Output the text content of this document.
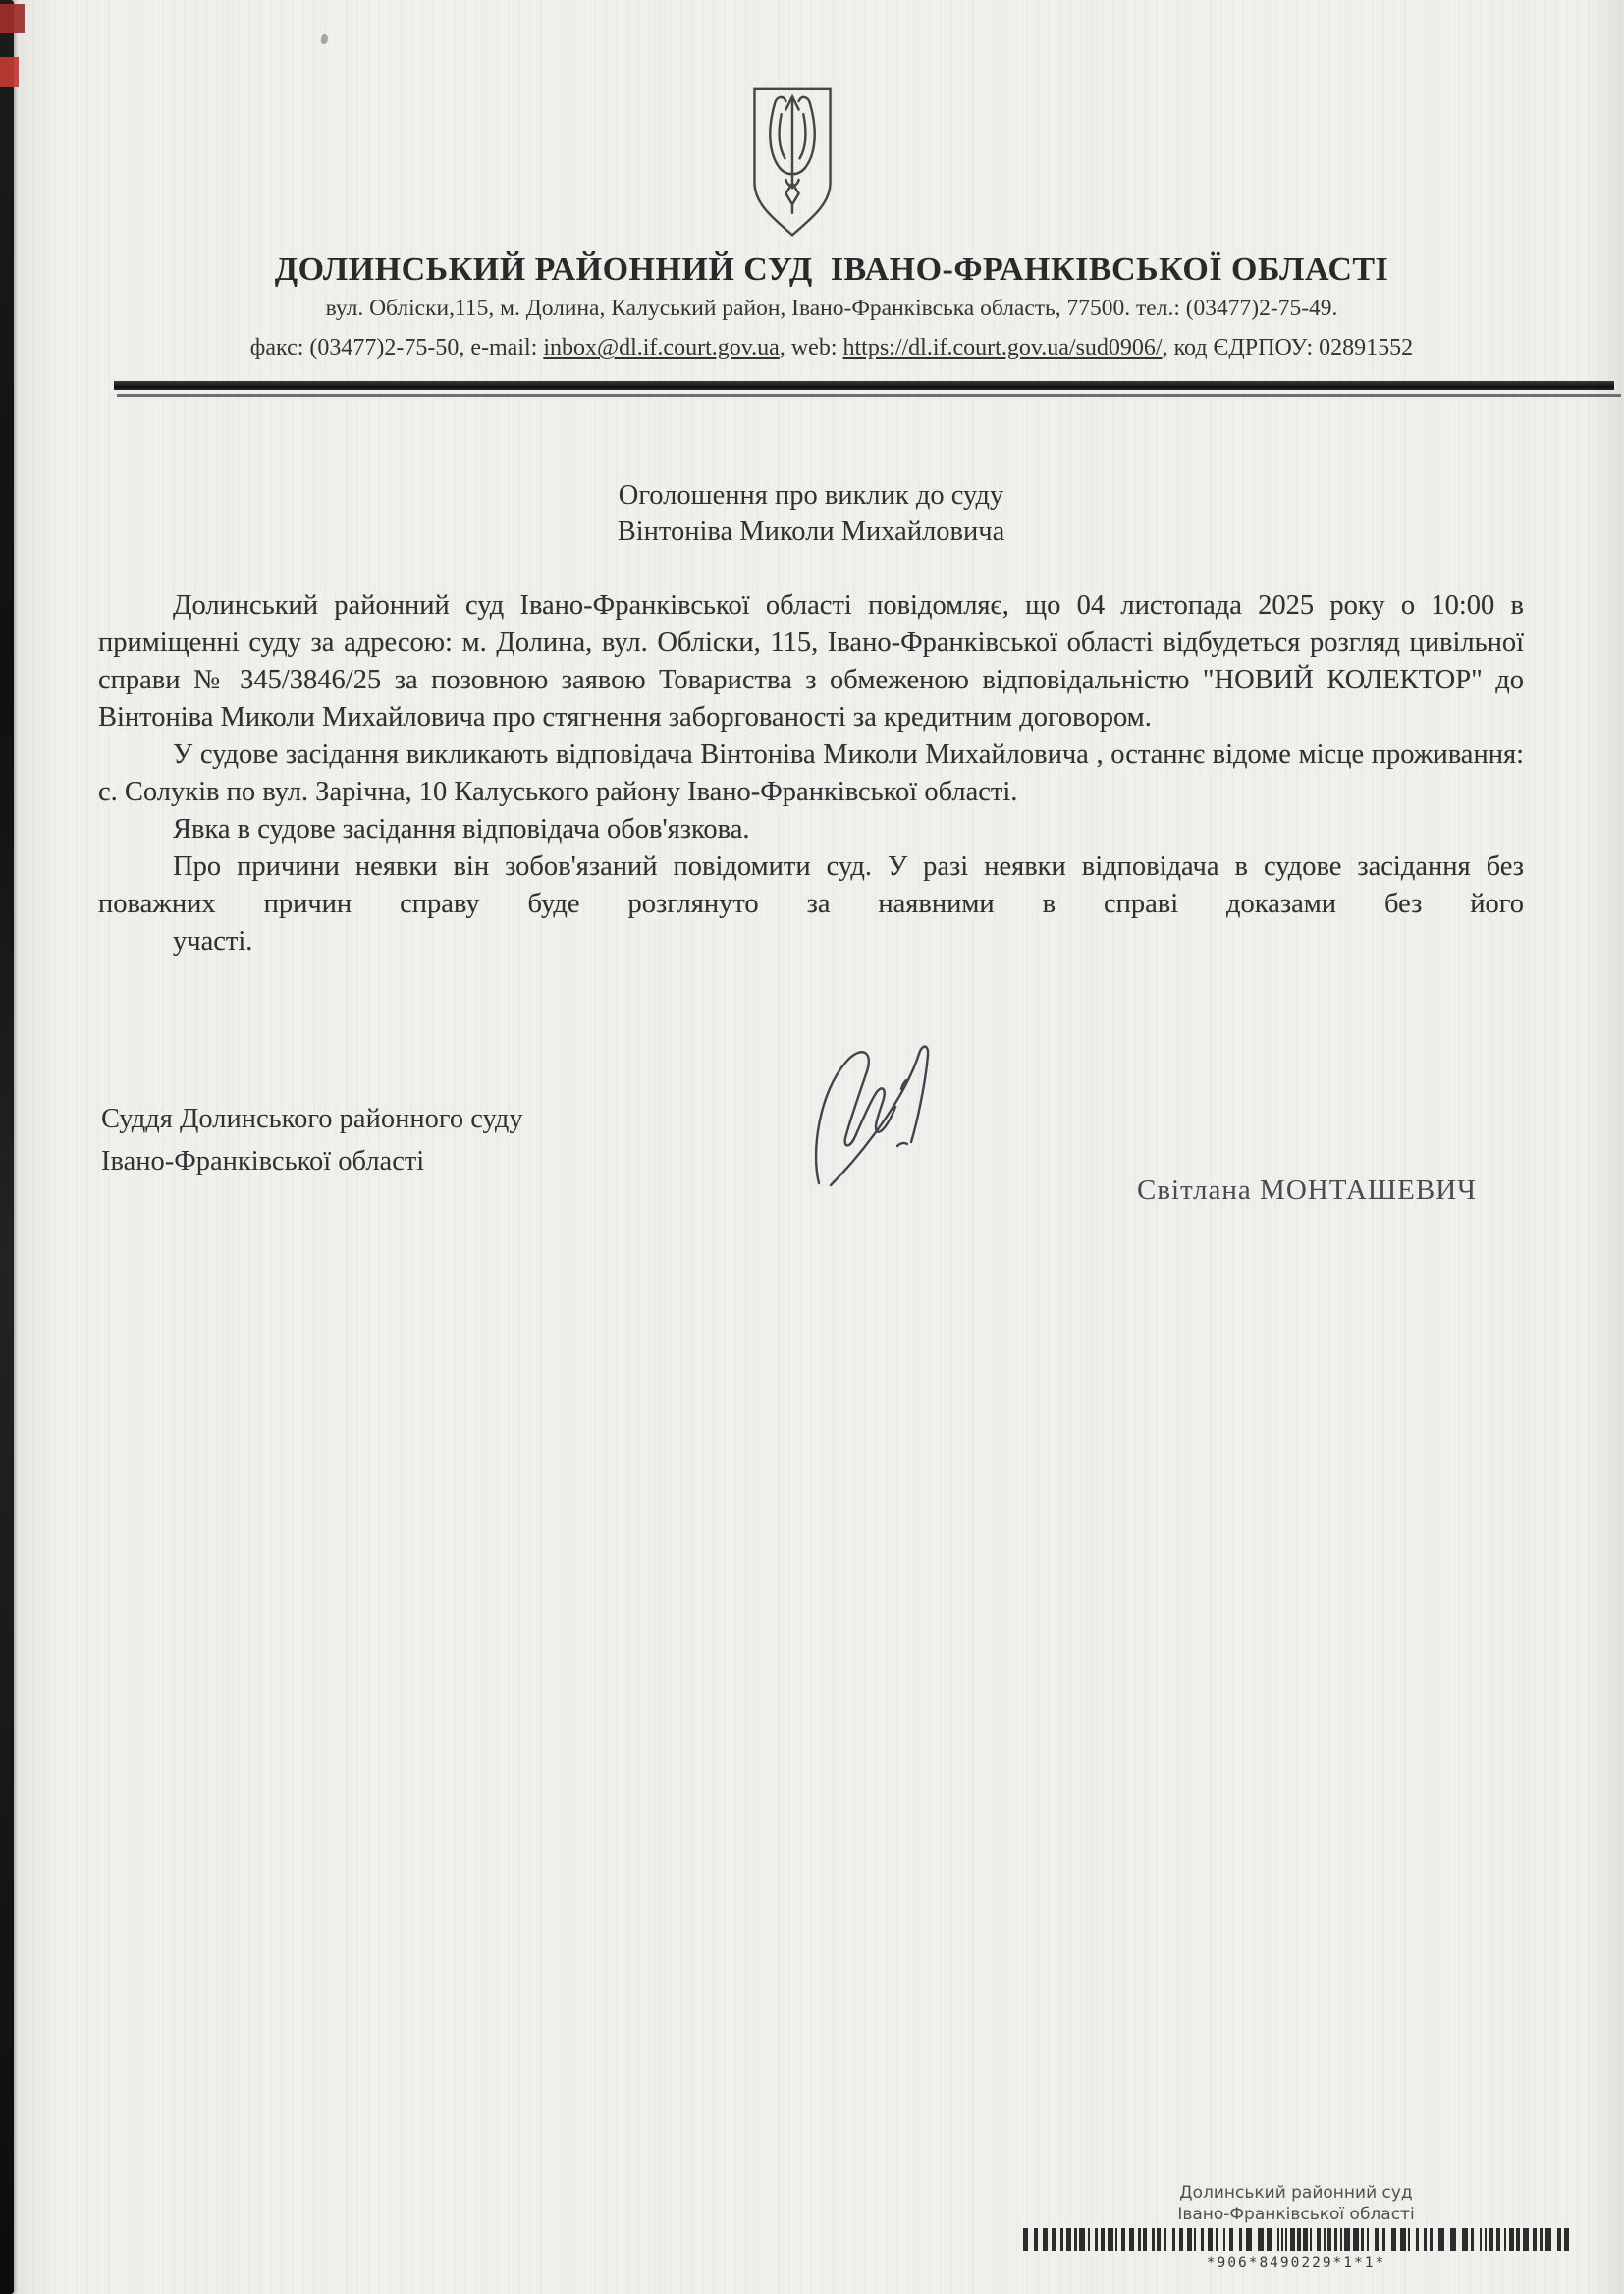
ДОЛИНСЬКИЙ РАЙОННИЙ СУД  ІВАНО-ФРАНКІВСЬКОЇ ОБЛАСТІ
вул. Обліски,115, м. Долина, Калуський район, Івано-Франківська область, 77500. тел.: (03477)2-75-49.
факс: (03477)2-75-50, e-mail: inbox@dl.if.court.gov.ua, web: https://dl.if.court.gov.ua/sud0906/, код ЄДРПОУ: 02891552
Оголошення про виклик до суду
Вінтоніва Миколи Михайловича
Долинський районний суд Івано-Франківської області повідомляє, що 04 листопада 2025 року о 10:00 в приміщенні суду за адресою: м. Долина, вул. Обліски, 115, Івано-Франківської області відбудеться розгляд цивільної справи № 345/3846/25 за позовною заявою Товариства з обмеженою відповідальністю "НОВИЙ КОЛЕКТОР" до Вінтоніва Миколи Михайловича про стягнення заборгованості за кредитним договором.
У судове засідання викликають відповідача Вінтоніва Миколи Михайловича , останнє відоме місце проживання: с. Солуків по вул. Зарічна, 10 Калуського району Івано-Франківської області.
Явка в судове засідання відповідача обов'язкова.
Про причини неявки він зобов'язаний повідомити суд. У разі неявки відповідача в судове засідання без поважних причин справу буде розглянуто за наявними в справі доказами без його
участі.
Суддя Долинського районного суду
Івано-Франківської області
Світлана МОНТАШЕВИЧ
Долинський районний суд
Івано-Франківської області
*906*8490229*1*1*
